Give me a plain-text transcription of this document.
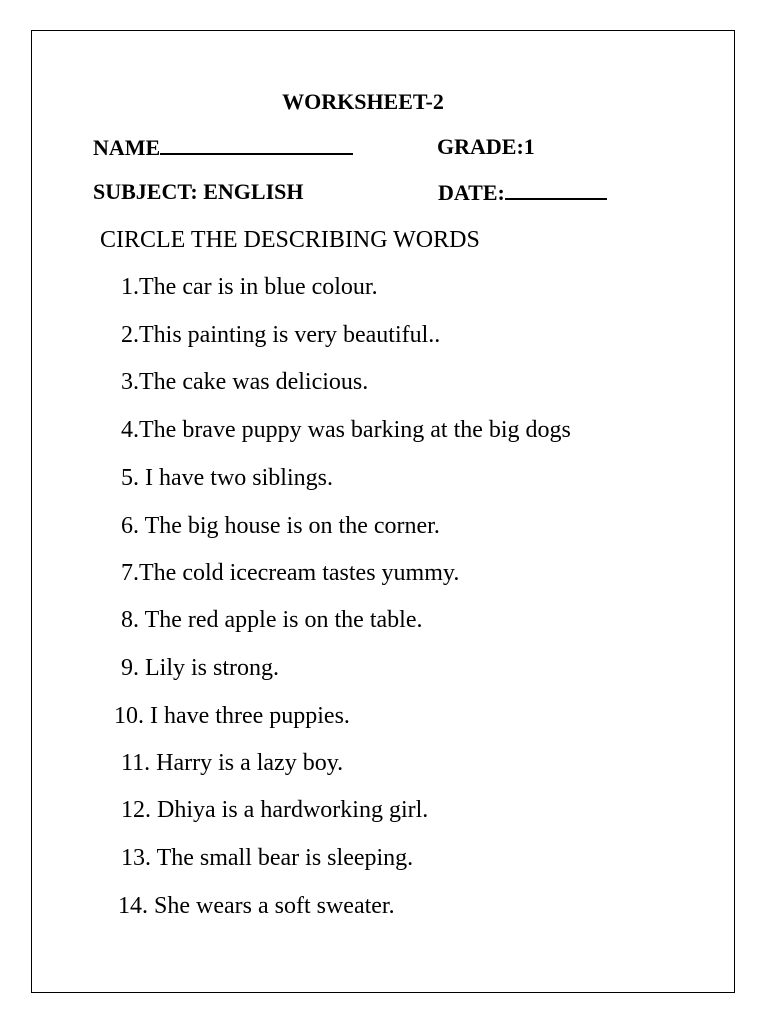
WORKSHEET-2
NAME	GRADE:1
SUBJECT: ENGLISH	DATE:
CIRCLE THE DESCRIBING WORDS
1.The car is in blue colour.
2.This painting is very beautiful..
3.The cake was delicious.
4.The brave puppy was barking at the big dogs
5. I have two siblings.
6. The big house is on the corner.
7.The cold icecream tastes yummy.
8. The red apple is on the table.
9. Lily is strong.
10. I have three puppies.
11. Harry is a lazy boy.
12. Dhiya is a hardworking girl.
13. The small bear is sleeping.
14. She wears a soft sweater.
